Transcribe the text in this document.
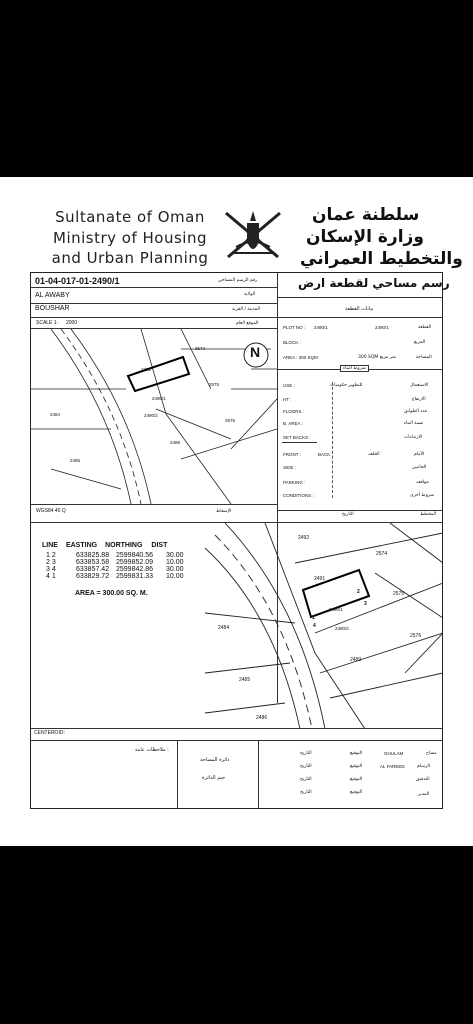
Sultanate of Oman
Ministry of Housing
and Urban Planning
سلطنة عمان
وزارة الإسكان
والتخطيط العمراني
01-04-017-01-2490/1	رقم الرسم المساحي	رسم مساحي لقطعة ارض
AL AWABY	الولاية
BOUSHAR	المدينة / القرية	بيانات القطعة
SCALE 1: 2000	الموقع العام
PLOT NO : 2490/1	2490/1	القطعة
BLOCK :	المربع
AREA : 300 SQM	300 SQM متر مربع	المساحة
شروط البناء
USE :	للتطوير حكوميات	الاستعمال
HT :	الارتفاع
FLOORS :	عدد الطوابق
B. AREA :	نسبة البناء
SET BACKS :	الارتدادات
FRONT :	BACK :	الخلف	الأمام
SIDE :	الجانبين
PARKING :	مواقف
CONDITIONS :	شروط أخرى
التاريخ	المخطط
N
2574
2491
2575
2490/1
2490/2
2484
2576
2489
2485
WGS84 40 Q	الإسقاط
LINE	EASTING	NORTHING	DIST
1 2	633825.88 2599840.56 30.00
2 3	633853.58 2599852.09 10.00
3 4	633857.42 2599842.86 30.00
4 1	633829.72 2599831.33 10.00
AREA = 300.00 SQ. M.
2492
2574
2491
2575
2490/1
2490/2
2484
2576
2489
2485
2486
1
2
3
4
CENTEROID:
ملاحظات عامة :
دائرة المساحة
ختم الدائرة
التاريخ	التوقيع	GHULAM	مساح
التاريخ	التوقيع	AL FAREED	الرسام
التاريخ	التوقيع	التدقيق
التاريخ	التوقيع	المدير
